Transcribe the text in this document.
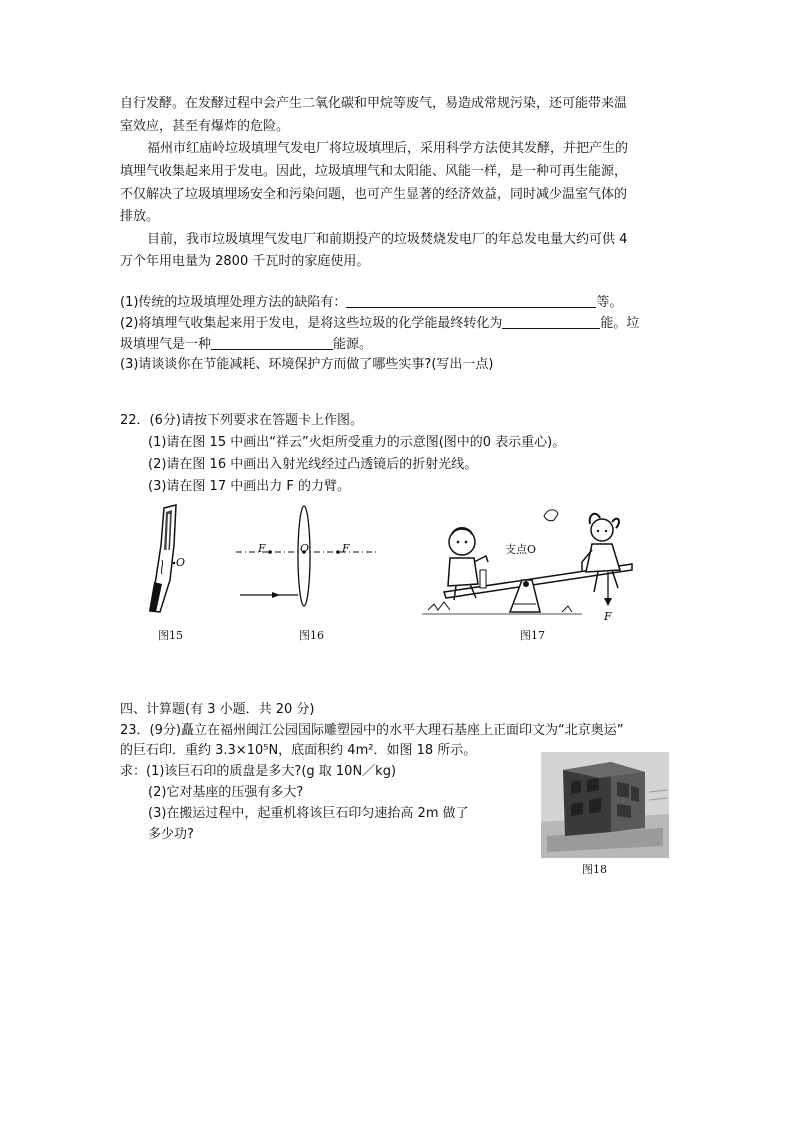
自行发酵。在发酵过程中会产生二氧化碳和甲烷等废气，易造成常规污染，还可能带来温
室效应，甚至有爆炸的危险。
福州市红庙岭垃圾填埋气发电厂将垃圾填埋后，采用科学方法使其发酵，并把产生的
填埋气收集起来用于发电。因此，垃圾填埋气和太阳能、风能一样，是一种可再生能源，
不仅解决了垃圾填埋场安全和污染问题，也可产生显著的经济效益，同时减少温室气体的
排放。
目前，我市垃圾填埋气发电厂和前期投产的垃圾焚烧发电厂的年总发电量大约可供 4
万个年用电量为 2800 千瓦时的家庭使用。
(1)传统的垃圾填埋处理方法的缺陷有：	等。
(2)将填埋气收集起来用于发电，是将这些垃圾的化学能最终转化为	能。垃
圾填埋气是一种	能源。
(3)请谈谈你在节能减耗、环境保护方而做了哪些实事?(写出一点)
22．(6分)请按下列要求在答题卡上作图。
(1)请在图 15 中画出“祥云”火炬所受重力的示意图(图中的0 表示重心)。
(2)请在图 16 中画出入射光线经过凸透镜后的折射光线。
(3)请在图 17 中画出力 F 的力臂。
O
图15
F	O	F
图16
支点O
F
图17
四、计算题(有 3 小题．共 20 分)
23．(9分)矗立在福州闽江公园国际雕塑园中的水平大理石基座上正面印文为“北京奥运”
的巨石印．重约 3.3×10⁵N，底面积约 4m²．如图 18 所示。
求：(1)该巨石印的质盘是多大?(g 取 10N／kg)
(2)它对基座的压强有多大?
(3)在搬运过程中，起重机将该巨石印匀速抬高 2m 做了
多少功?
图18
